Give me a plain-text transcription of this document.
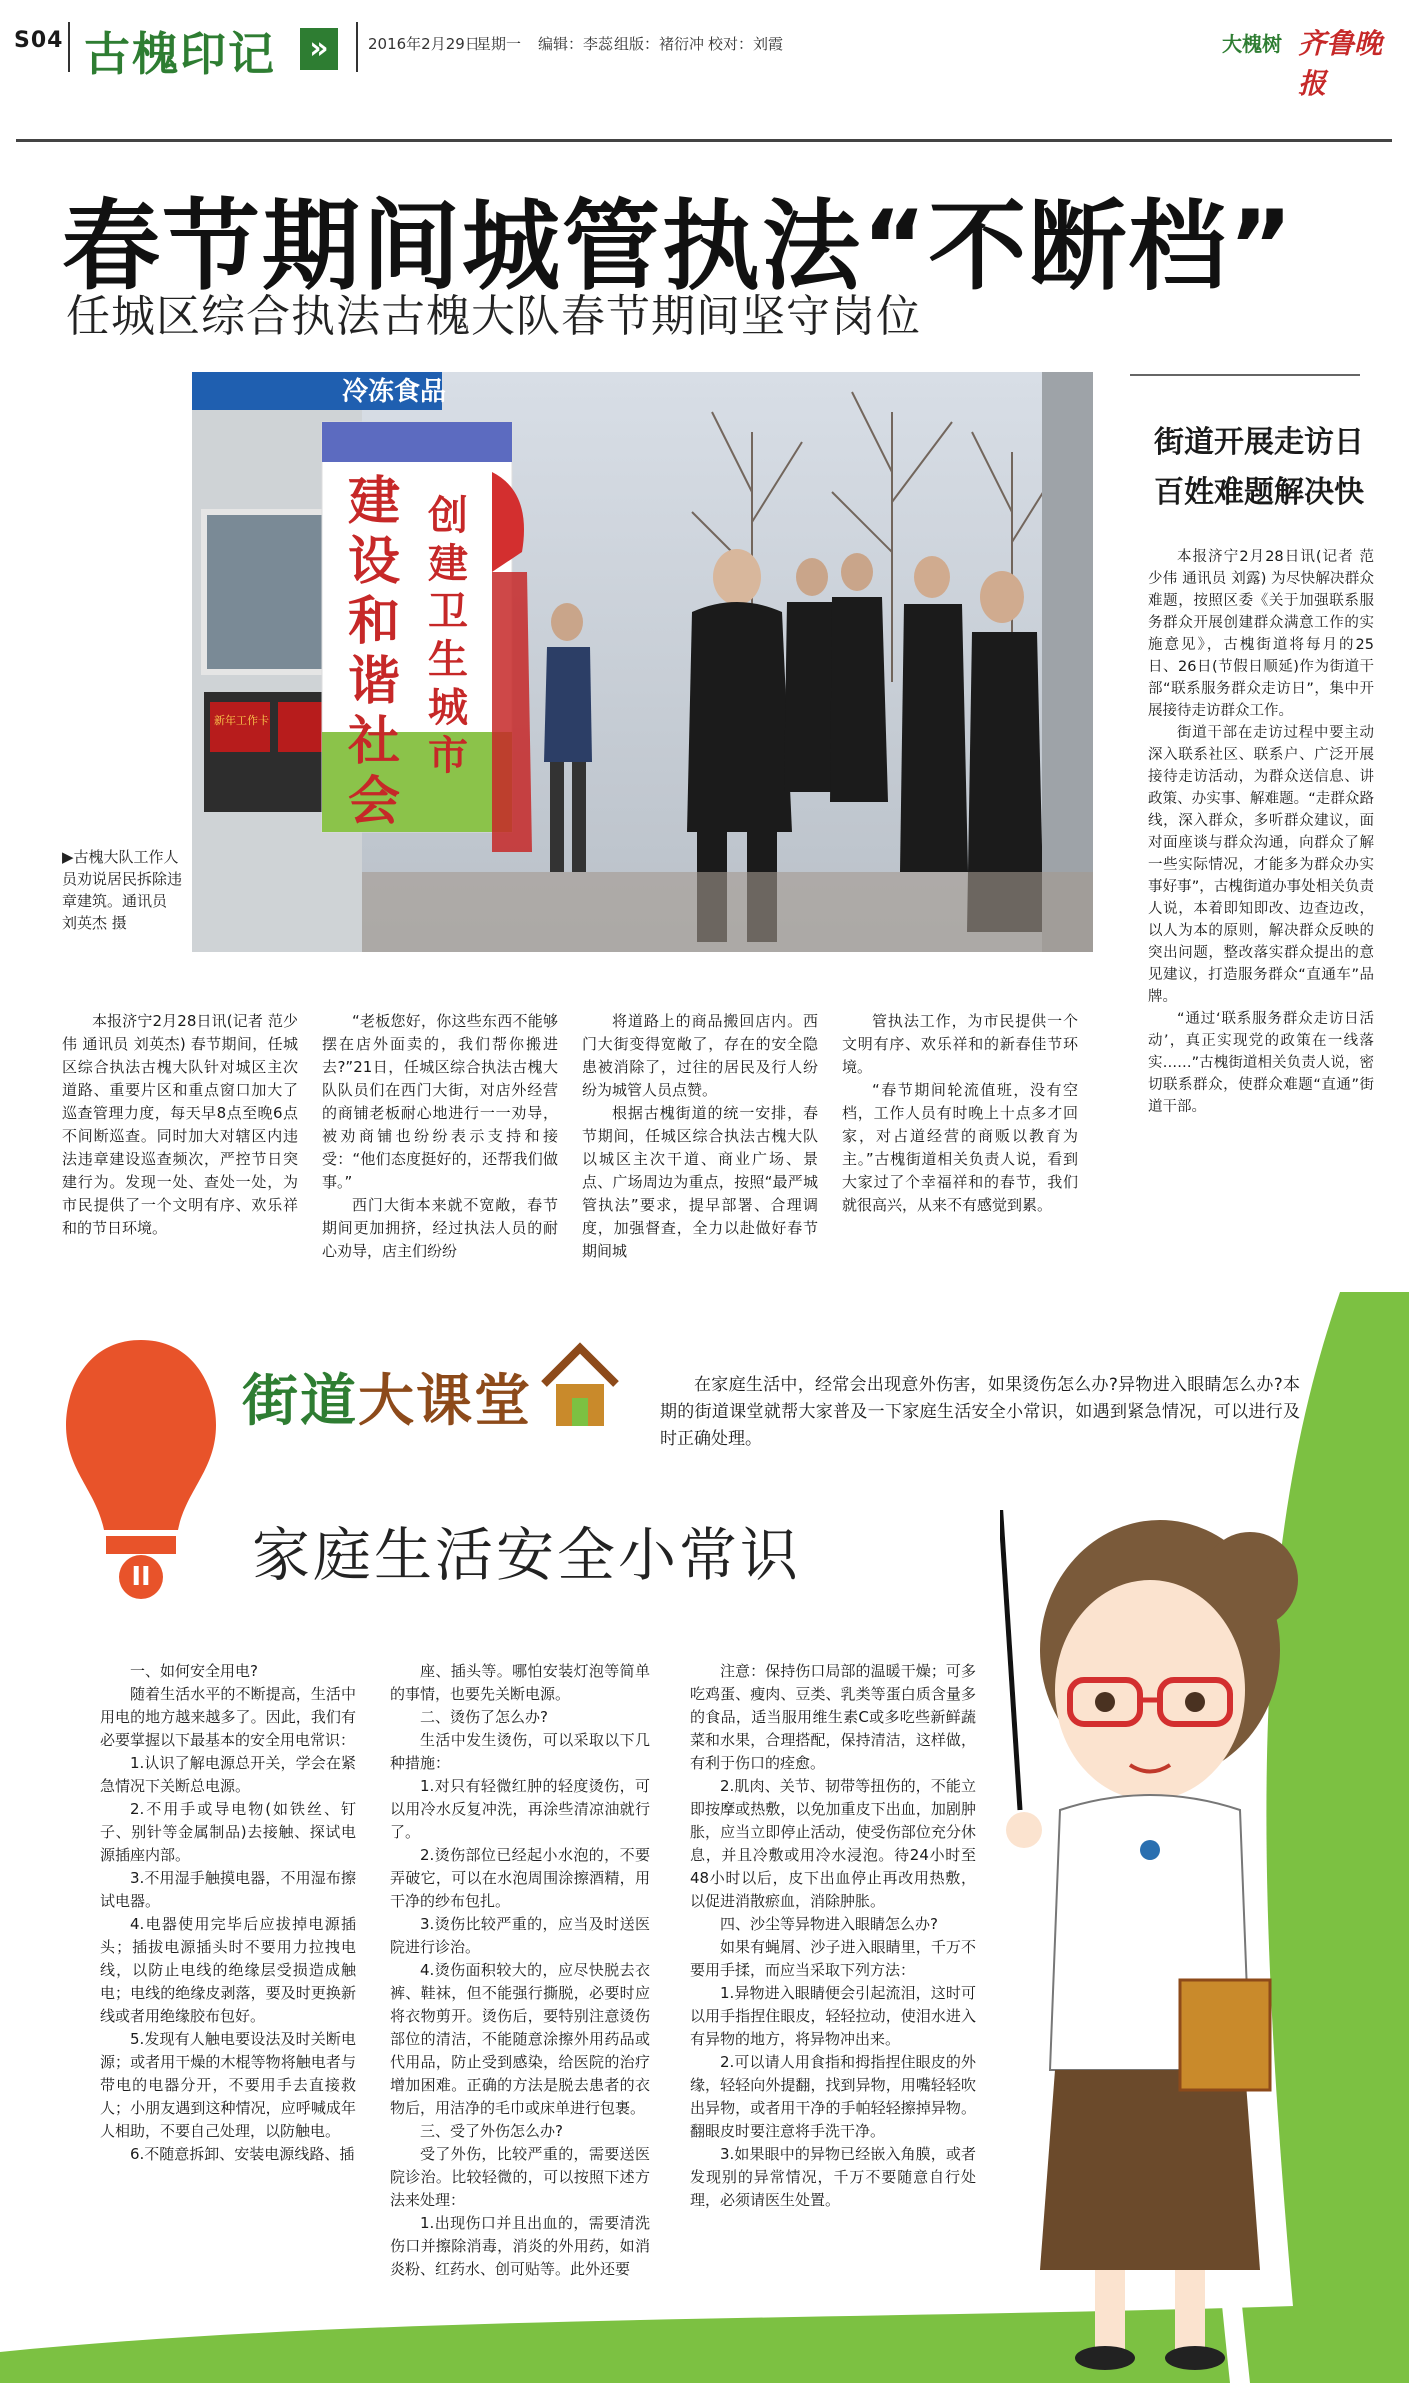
S04 古槐印记	»	2016年2月29日
星期一 编辑：李蕊 组版：褚衍冲 校对：刘霞	大槐树 齐鲁晚报
春节期间城管执法“不断档”
任城区综合执法古槐大队春节期间坚守岗位
冷冻食品
新年工作卡
建设和谐社会
创建卫生城市
▶古槐大队工作人员劝说居民拆除违章建筑。通讯员 刘英杰 摄
街道开展走访日
百姓难题解决快

本报济宁2月28日讯(记者 范少伟 通讯员 刘露) 为尽快解决群众难题，按照区委《关于加强联系服务群众开展创建群众满意工作的实施意见》，古槐街道将每月的25日、26日(节假日顺延)作为街道干部“联系服务群众走访日”，集中开展接待走访群众工作。

街道干部在走访过程中要主动深入联系社区、联系户、广泛开展接待走访活动，为群众送信息、讲政策、办实事、解难题。“走群众路线，深入群众，多听群众建议，面对面座谈与群众沟通，向群众了解一些实际情况，才能多为群众办实事好事”，古槐街道办事处相关负责人说，本着即知即改、边查边改，以人为本的原则，解决群众反映的突出问题，整改落实群众提出的意见建议，打造服务群众“直通车”品牌。

“通过‘联系服务群众走访日活动’，真正实现党的政策在一线落实……”古槐街道相关负责人说，密切联系群众，使群众难题“直通”街道干部。

本报济宁2月28日讯(记者 范少伟 通讯员 刘英杰) 春节期间，任城区综合执法古槐大队针对城区主次道路、重要片区和重点窗口加大了巡查管理力度，每天早8点至晚6点不间断巡查。同时加大对辖区内违法违章建设巡查频次，严控节日突建行为。发现一处、查处一处，为市民提供了一个文明有序、欢乐祥和的节日环境。

“老板您好，你这些东西不能够摆在店外面卖的，我们帮你搬进去?”21日，任城区综合执法古槐大队队员们在西门大街，对店外经营的商铺老板耐心地进行一一劝导，被劝商铺也纷纷表示支持和接受：“他们态度挺好的，还帮我们做事。”

西门大街本来就不宽敞，春节期间更加拥挤，经过执法人员的耐心劝导，店主们纷纷

将道路上的商品搬回店内。西门大街变得宽敞了，存在的安全隐患被消除了，过往的居民及行人纷纷为城管人员点赞。

根据古槐街道的统一安排，春节期间，任城区综合执法古槐大队以城区主次干道、商业广场、景点、广场周边为重点，按照“最严城管执法”要求，提早部署、合理调度，加强督查，全力以赴做好春节期间城

管执法工作，为市民提供一个文明有序、欢乐祥和的新春佳节环境。

“春节期间轮流值班，没有空档，工作人员有时晚上十点多才回家，对占道经营的商贩以教育为主。”古槐街道相关负责人说，看到大家过了个幸福祥和的春节，我们就很高兴，从来不有感觉到累。

II
街道大课堂	在家庭生活中，经常会出现意外伤害，如果烫伤怎么办?异物进入眼睛怎么办?本期的街道课堂就帮大家普及一下家庭生活安全小常识，如遇到紧急情况，可以进行及时正确处理。

家庭生活安全小常识

一、如何安全用电?

随着生活水平的不断提高，生活中用电的地方越来越多了。因此，我们有必要掌握以下最基本的安全用电常识：

1.认识了解电源总开关，学会在紧急情况下关断总电源。

2.不用手或导电物(如铁丝、钉子、别针等金属制品)去接触、探试电源插座内部。

3.不用湿手触摸电器，不用湿布擦试电器。

4.电器使用完毕后应拔掉电源插头；插拔电源插头时不要用力拉拽电线，以防止电线的绝缘层受损造成触电；电线的绝缘皮剥落，要及时更换新线或者用绝缘胶布包好。

5.发现有人触电要设法及时关断电源；或者用干燥的木棍等物将触电者与带电的电器分开，不要用手去直接救人；小朋友遇到这种情况，应呼喊成年人相助，不要自己处理，以防触电。

6.不随意拆卸、安装电源线路、插

座、插头等。哪怕安装灯泡等简单的事情，也要先关断电源。

二、烫伤了怎么办?

生活中发生烫伤，可以采取以下几种措施：

1.对只有轻微红肿的轻度烫伤，可以用冷水反复冲洗，再涂些清凉油就行了。

2.烫伤部位已经起小水泡的，不要弄破它，可以在水泡周围涂擦酒精，用干净的纱布包扎。

3.烫伤比较严重的，应当及时送医院进行诊治。

4.烫伤面积较大的，应尽快脱去衣裤、鞋袜，但不能强行撕脱，必要时应将衣物剪开。烫伤后，要特别注意烫伤部位的清洁，不能随意涂擦外用药品或代用品，防止受到感染，给医院的治疗增加困难。正确的方法是脱去患者的衣物后，用洁净的毛巾或床单进行包裹。

三、受了外伤怎么办?

受了外伤，比较严重的，需要送医院诊治。比较轻微的，可以按照下述方法来处理：

1.出现伤口并且出血的，需要清洗伤口并擦除消毒，消炎的外用药，如消炎粉、红药水、创可贴等。此外还要

注意：保持伤口局部的温暖干燥；可多吃鸡蛋、瘦肉、豆类、乳类等蛋白质含量多的食品，适当服用维生素C或多吃些新鲜蔬菜和水果，合理搭配，保持清洁，这样做，有利于伤口的痊愈。

2.肌肉、关节、韧带等扭伤的，不能立即按摩或热敷，以免加重皮下出血，加剧肿胀，应当立即停止活动，使受伤部位充分休息，并且冷敷或用冷水浸泡。待24小时至48小时以后，皮下出血停止再改用热敷，以促进消散瘀血，消除肿胀。

四、沙尘等异物进入眼睛怎么办?

如果有蝇屑、沙子进入眼睛里，千万不要用手揉，而应当采取下列方法：

1.异物进入眼睛便会引起流泪，这时可以用手指捏住眼皮，轻轻拉动，使泪水进入有异物的地方，将异物冲出来。

2.可以请人用食指和拇指捏住眼皮的外缘，轻轻向外提翻，找到异物，用嘴轻轻吹出异物，或者用干净的手帕轻轻擦掉异物。翻眼皮时要注意将手洗干净。

3.如果眼中的异物已经嵌入角膜，或者发现别的异常情况，千万不要随意自行处理，必须请医生处置。
